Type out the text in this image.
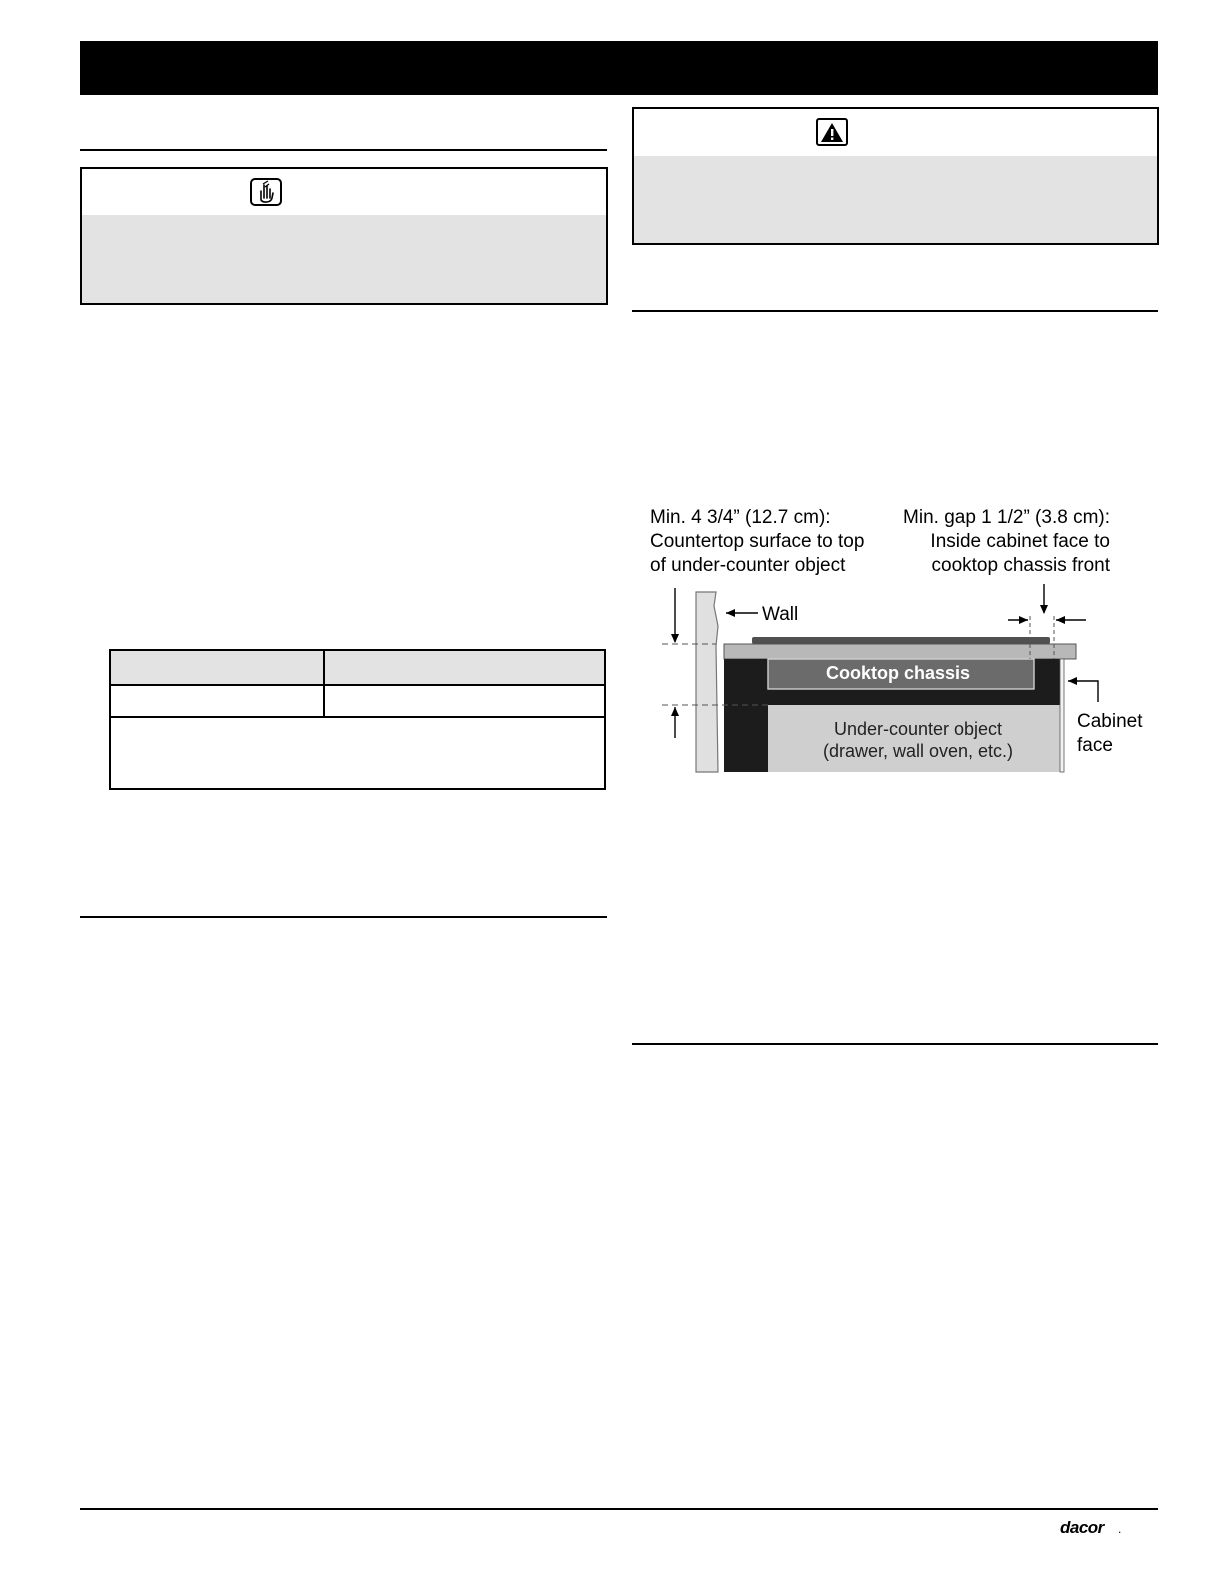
Cooktop chassis
Under-counter object
(drawer, wall oven, etc.)
Wall
Min. 4 3/4” (12.7 cm):
Countertop surface to top
of under-counter object
Min. gap 1 1/2” (3.8 cm):
Inside cabinet face to
cooktop chassis front
Cabinet
face
dacor .
